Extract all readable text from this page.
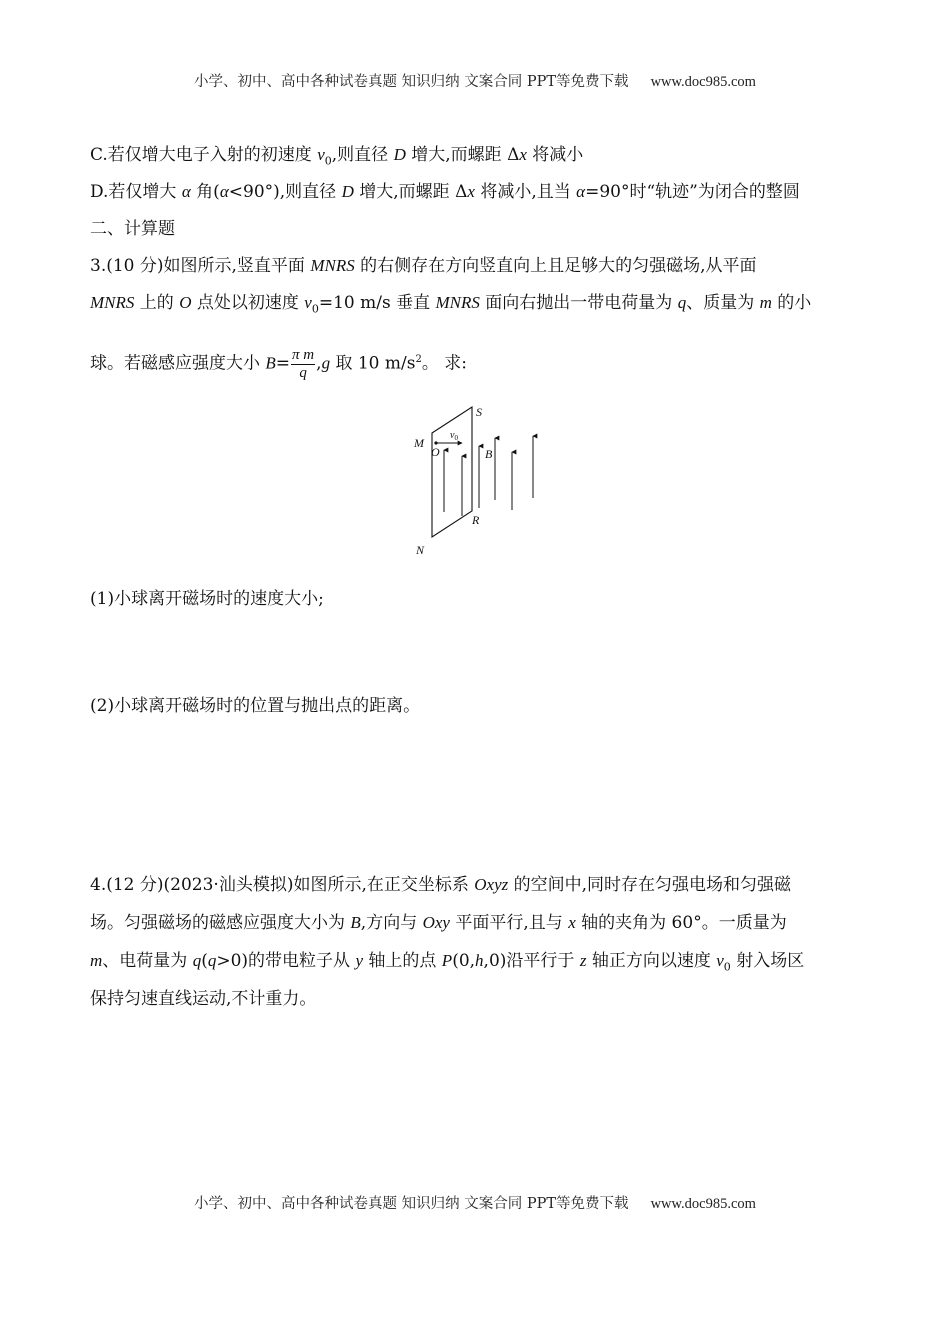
小学、初中、高中各种试卷真题 知识归纳 文案合同 PPT等免费下载 www.doc985.com
C.若仅增大电子入射的初速度 $v_0$,则直径 D 增大,而螺距 Δx 将减小
D.若仅增大 α 角(α<90°),则直径 D 增大,而螺距 Δx 将减小,且当 α=90°时“轨迹”为闭合的整圆
二、计算题
3.(10 分)如图所示,竖直平面 MNRS 的右侧存在方向竖直向上且足够大的匀强磁场,从平面
MNRS 上的 O 点处以初速度 $v_0=10$ m/s 垂直 MNRS 面向右抛出一带电荷量为 q、质量为 m 的小
球。若磁感应强度大小 $B= \frac{\text{π m}}{q} ,g$ 取 10 $m/s^2$。 求:
M
N
R
S
O	B
$v_0$
(1)小球离开磁场时的速度大小;
(2)小球离开磁场时的位置与抛出点的距离。
4.(12 分)(2023·汕头模拟)如图所示,在正交坐标系 Oxyz 的空间中,同时存在匀强电场和匀强磁
场。匀强磁场的磁感应强度大小为 B,方向与 Oxy 平面平行,且与 x 轴的夹角为 60°。一质量为
m、电荷量为 q(q>0)的带电粒子从 y 轴上的点 P(0,h,0)沿平行于 z 轴正方向以速度 $v_0$ 射入场区
保持匀速直线运动,不计重力。
小学、初中、高中各种试卷真题 知识归纳 文案合同 PPT等免费下载 www.doc985.com
